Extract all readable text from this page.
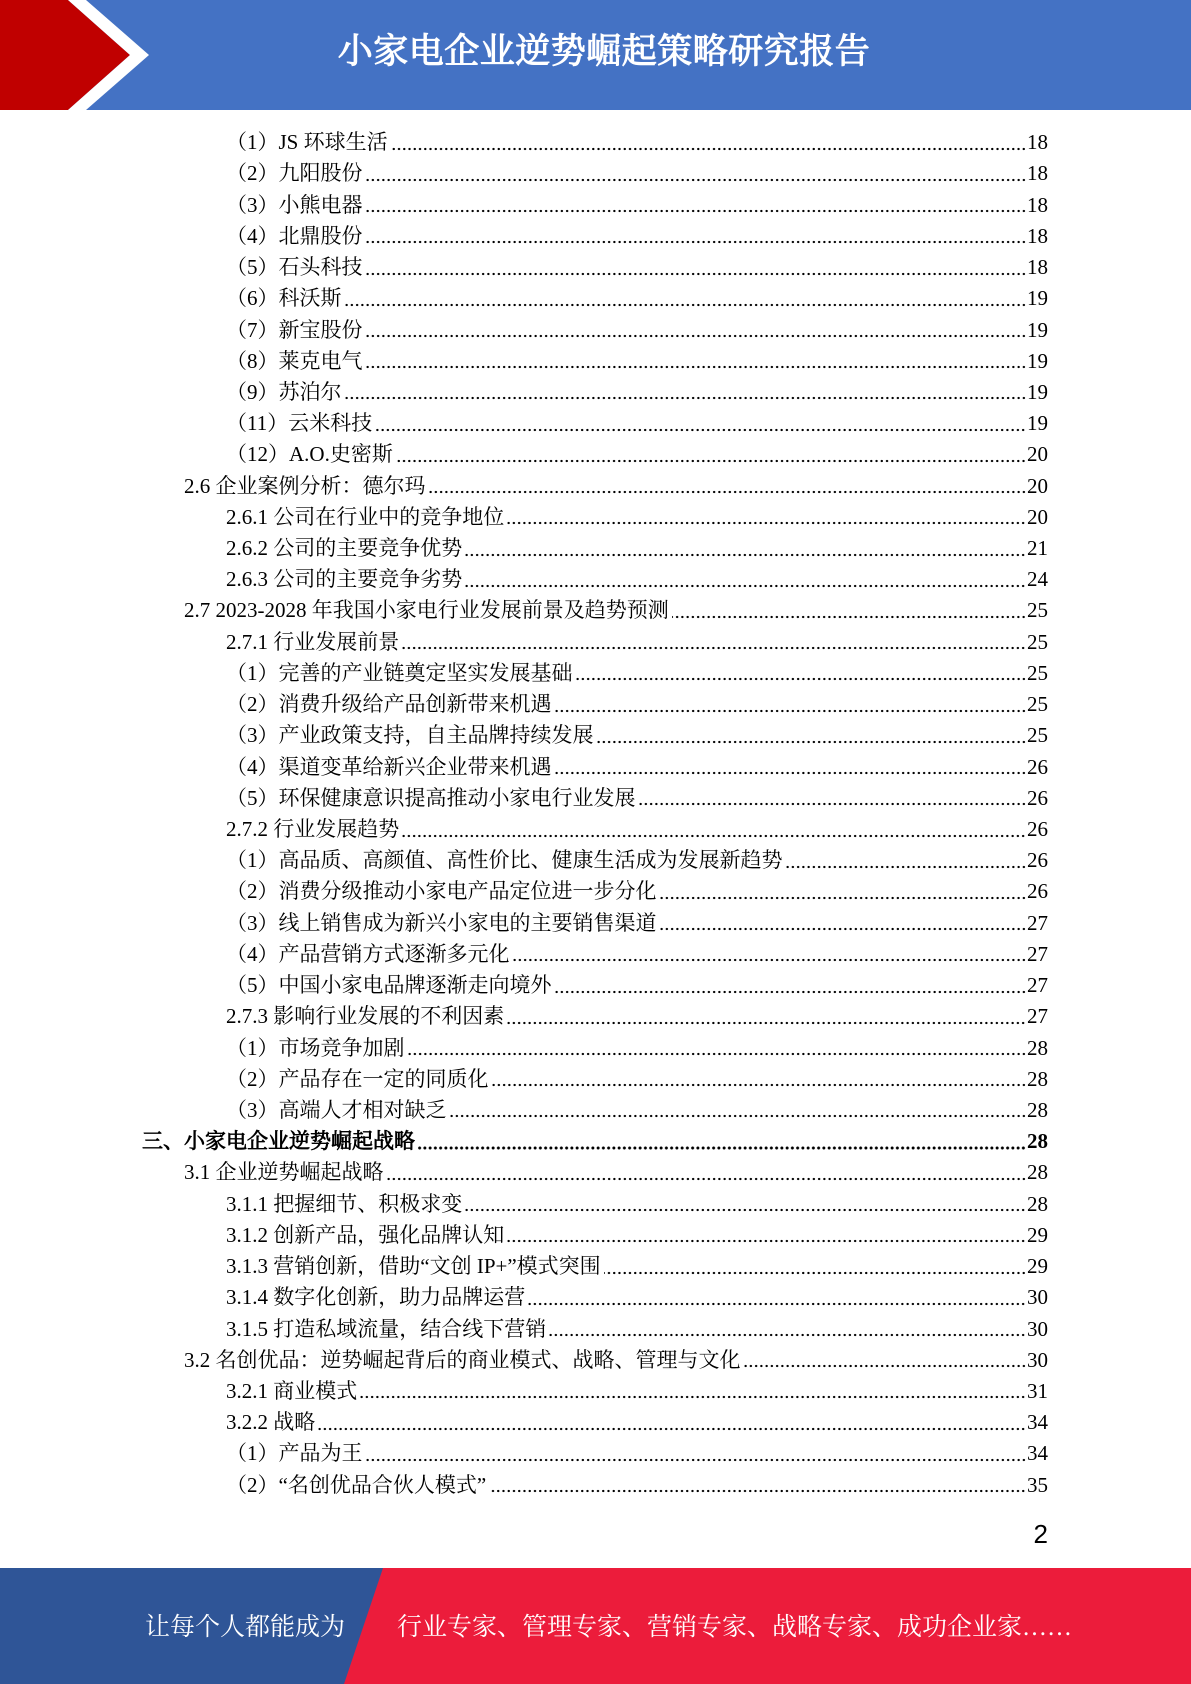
小家电企业逆势崛起策略研究报告
（1）JS 环球生活	18
（2）九阳股份	18
（3）小熊电器	18
（4）北鼎股份	18
（5）石头科技	18
（6）科沃斯	19
（7）新宝股份	19
（8）莱克电气	19
（9）苏泊尔	19
（11）云米科技	19
（12）A.O.史密斯	20
2.6 企业案例分析：德尔玛	20
2.6.1 公司在行业中的竞争地位	20
2.6.2 公司的主要竞争优势	21
2.6.3 公司的主要竞争劣势	24
2.7 2023-2028 年我国小家电行业发展前景及趋势预测	25
2.7.1 行业发展前景	25
（1）完善的产业链奠定坚实发展基础	25
（2）消费升级给产品创新带来机遇	25
（3）产业政策支持，自主品牌持续发展	25
（4）渠道变革给新兴企业带来机遇	26
（5）环保健康意识提高推动小家电行业发展	26
2.7.2 行业发展趋势	26
（1）高品质、高颜值、高性价比、健康生活成为发展新趋势	26
（2）消费分级推动小家电产品定位进一步分化	26
（3）线上销售成为新兴小家电的主要销售渠道	27
（4）产品营销方式逐渐多元化	27
（5）中国小家电品牌逐渐走向境外	27
2.7.3 影响行业发展的不利因素	27
（1）市场竞争加剧	28
（2）产品存在一定的同质化	28
（3）高端人才相对缺乏	28
三、小家电企业逆势崛起战略	28
3.1 企业逆势崛起战略	28
3.1.1 把握细节、积极求变	28
3.1.2 创新产品，强化品牌认知	29
3.1.3 营销创新，借助“文创 IP+”模式突围	29
3.1.4 数字化创新，助力品牌运营	30
3.1.5 打造私域流量，结合线下营销	30
3.2 名创优品：逆势崛起背后的商业模式、战略、管理与文化	30
3.2.1 商业模式	31
3.2.2 战略	34
（1）产品为王	34
（2）“名创优品合伙人模式”	35
2
让每个人都能成为 行业专家、管理专家、营销专家、战略专家、成功企业家……
